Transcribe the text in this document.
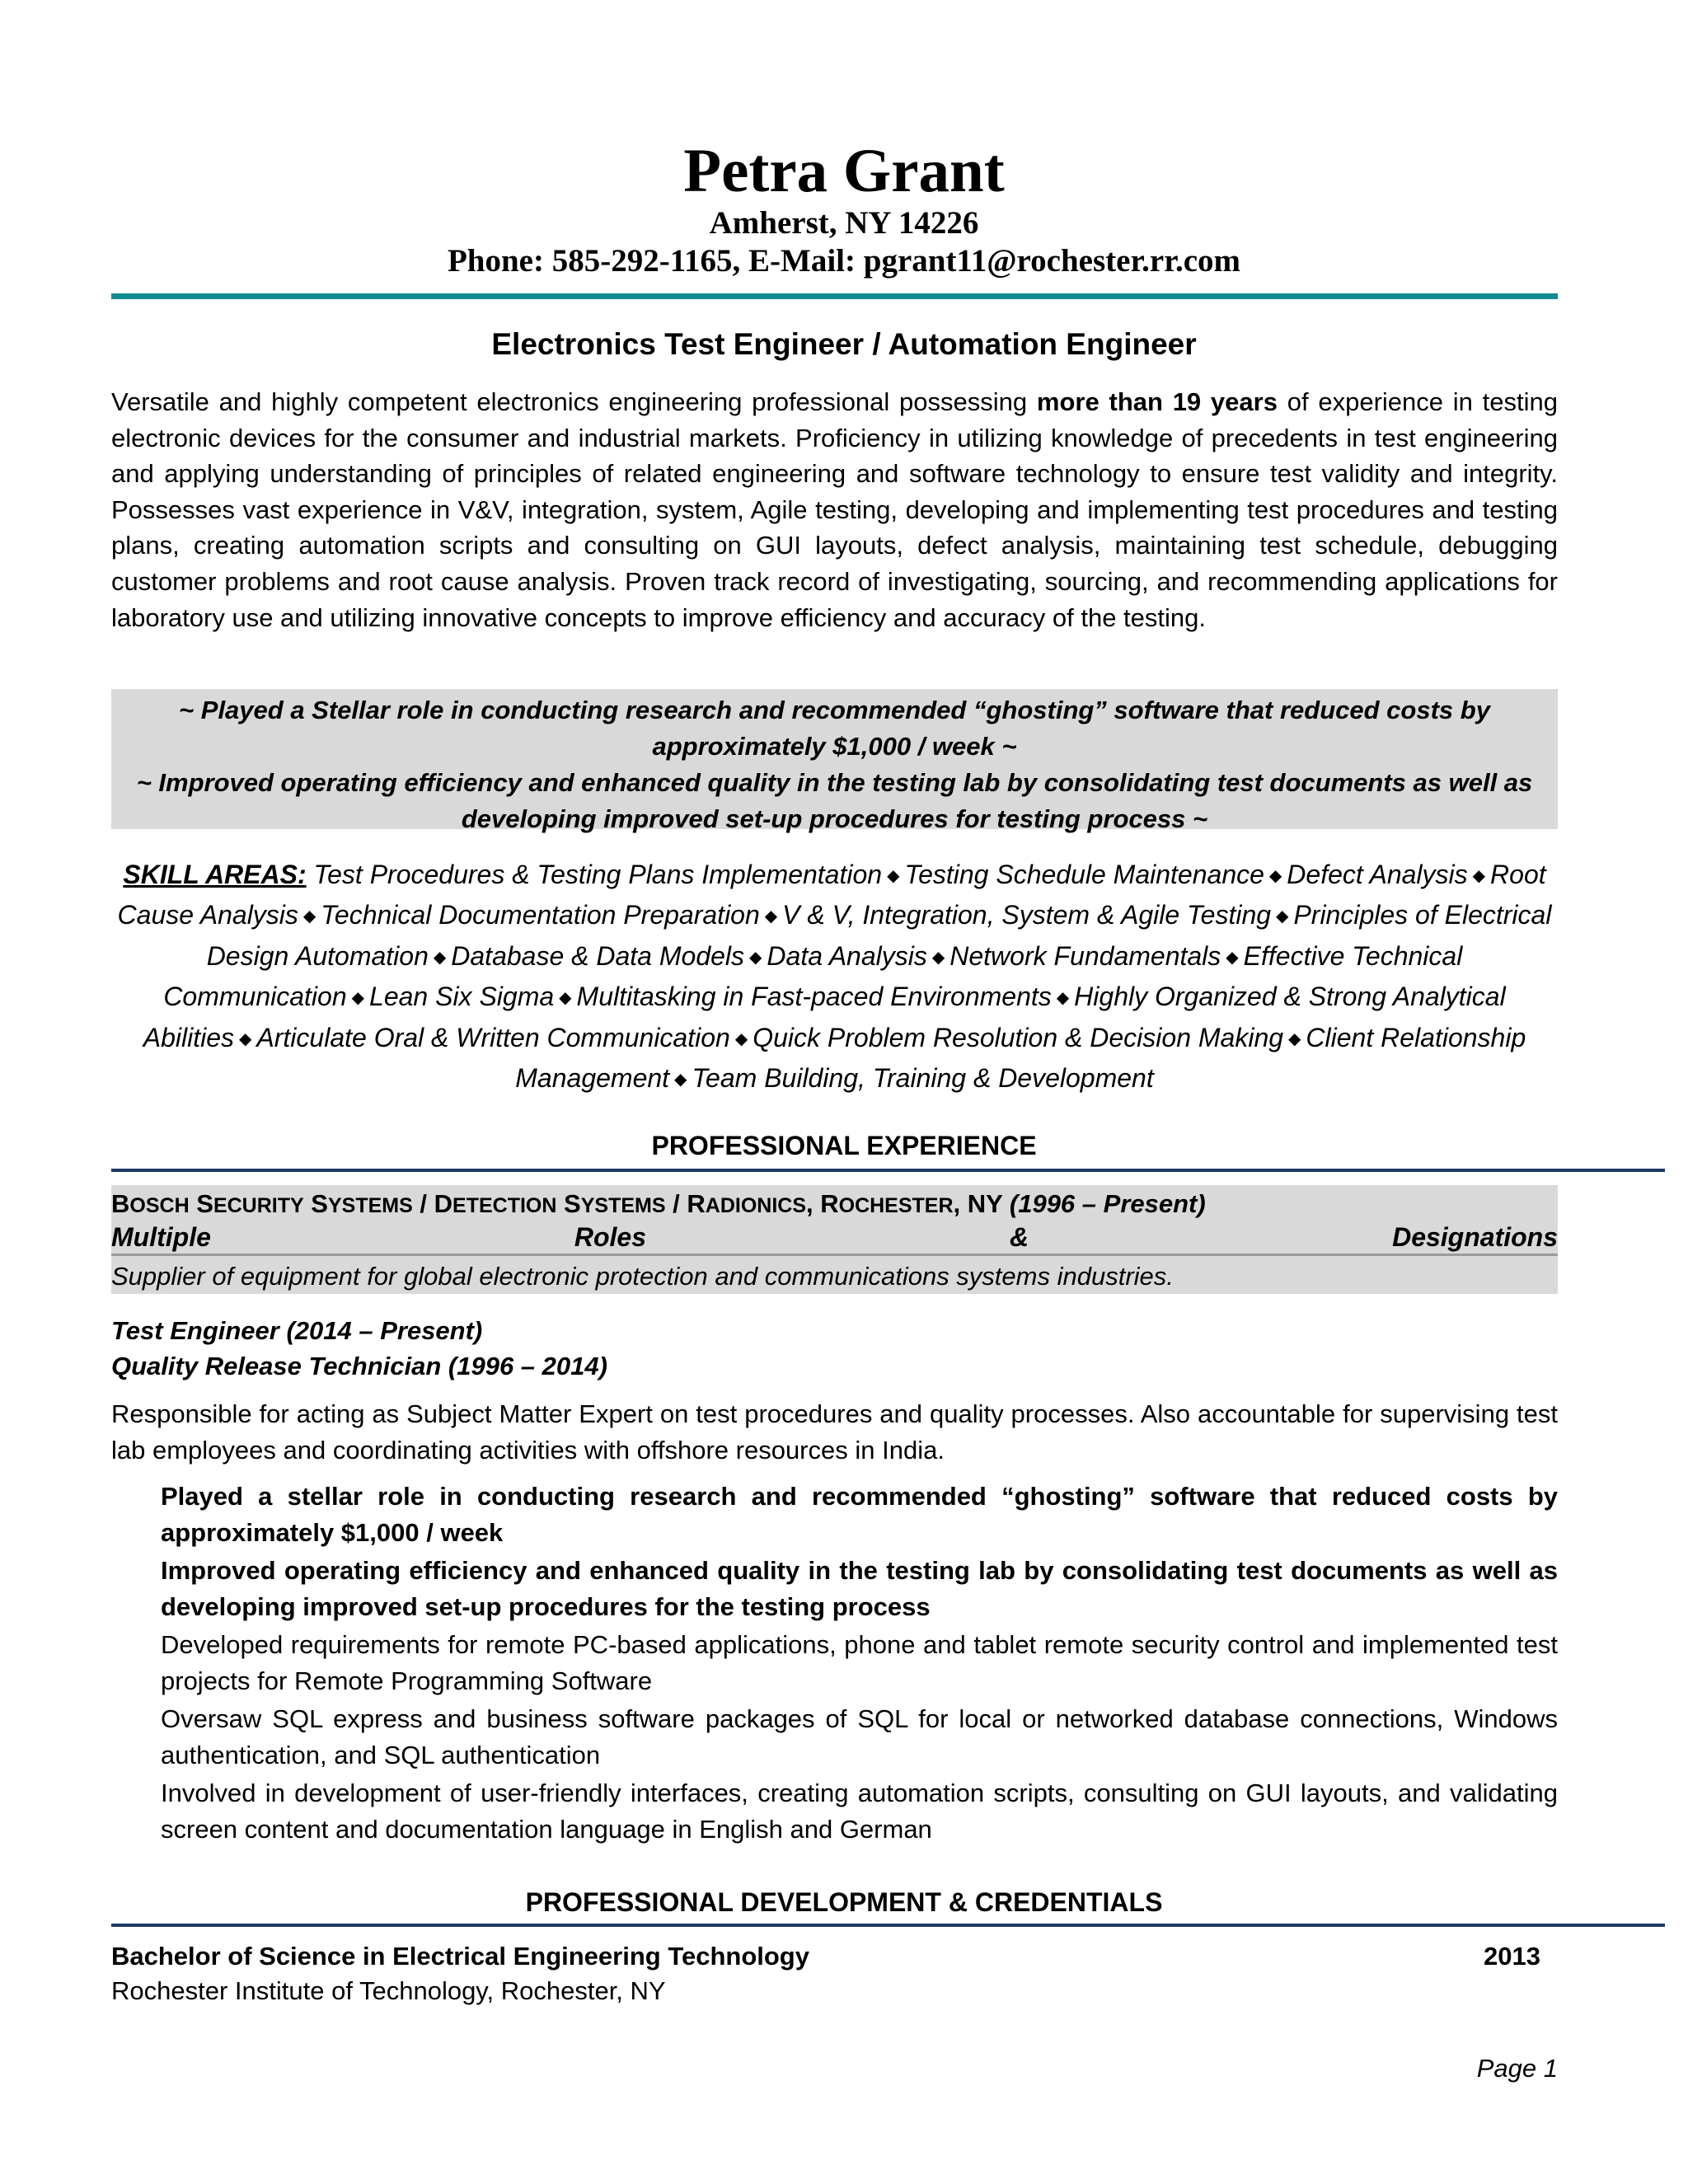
Petra Grant
Amherst, NY 14226
Phone: 585-292-1165, E-Mail: pgrant11@rochester.rr.com
Electronics Test Engineer / Automation Engineer
Versatile and highly competent electronics engineering professional possessing more than 19 years of experience in testing electronic devices for the consumer and industrial markets. Proficiency in utilizing knowledge of precedents in test engineering and applying understanding of principles of related engineering and software technology to ensure test validity and integrity. Possesses vast experience in V&V, integration, system, Agile testing, developing and implementing test procedures and testing plans, creating automation scripts and consulting on GUI layouts, defect analysis, maintaining test schedule, debugging customer problems and root cause analysis. Proven track record of investigating, sourcing, and recommending applications for laboratory use and utilizing innovative concepts to improve efficiency and accuracy of the testing.
~ Played a Stellar role in conducting research and recommended “ghosting” software that reduced costs by approximately $1,000 / week ~
~ Improved operating efficiency and enhanced quality in the testing lab by consolidating test documents as well as developing improved set-up procedures for testing process ~
SKILL AREAS: Test Procedures & Testing Plans Implementation ◆ Testing Schedule Maintenance ◆ Defect Analysis ◆ Root Cause Analysis ◆ Technical Documentation Preparation ◆ V & V, Integration, System & Agile Testing ◆ Principles of Electrical Design Automation ◆ Database & Data Models ◆ Data Analysis ◆ Network Fundamentals ◆ Effective Technical Communication ◆ Lean Six Sigma ◆ Multitasking in Fast-paced Environments ◆ Highly Organized & Strong Analytical Abilities ◆ Articulate Oral & Written Communication ◆ Quick Problem Resolution & Decision Making ◆ Client Relationship Management ◆ Team Building, Training & Development
PROFESSIONAL EXPERIENCE
BOSCH SECURITY SYSTEMS / DETECTION SYSTEMS / RADIONICS, ROCHESTER, NY (1996 – Present)
Multiple	Roles	&	Designations
Supplier of equipment for global electronic protection and communications systems industries.
Test Engineer (2014 – Present)
Quality Release Technician (1996 – 2014)
Responsible for acting as Subject Matter Expert on test procedures and quality processes. Also accountable for supervising test lab employees and coordinating activities with offshore resources in India.
Played a stellar role in conducting research and recommended “ghosting” software that reduced costs by approximately $1,000 / week
Improved operating efficiency and enhanced quality in the testing lab by consolidating test documents as well as developing improved set-up procedures for the testing process
Developed requirements for remote PC-based applications, phone and tablet remote security control and implemented test projects for Remote Programming Software
Oversaw SQL express and business software packages of SQL for local or networked database connections, Windows authentication, and SQL authentication
Involved in development of user-friendly interfaces, creating automation scripts, consulting on GUI layouts, and validating screen content and documentation language in English and German
PROFESSIONAL DEVELOPMENT & CREDENTIALS
Bachelor of Science in Electrical Engineering Technology	2013
Rochester Institute of Technology, Rochester, NY
Page 1
